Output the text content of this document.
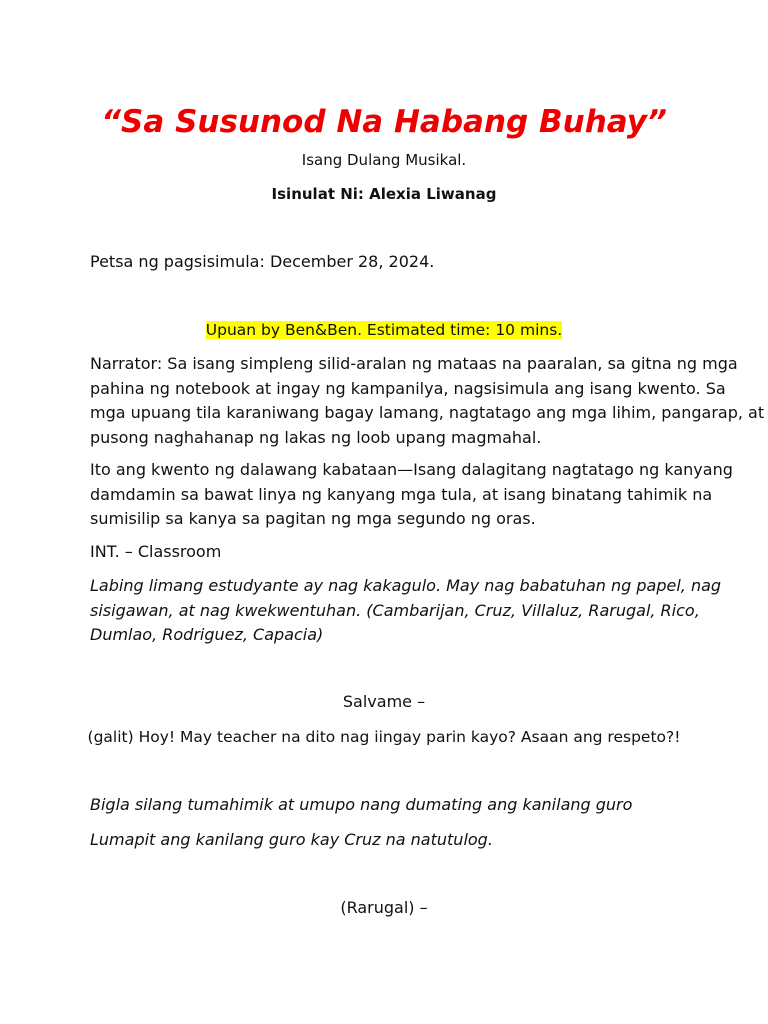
“Sa Susunod Na Habang Buhay”

Isang Dulang Musikal.

Isinulat Ni: Alexia Liwanag

Petsa ng pagsisimula: December 28, 2024.

Upuan by Ben&Ben. Estimated time: 10 mins.

Narrator: Sa isang simpleng silid-aralan ng mataas na paaralan, sa gitna ng mga
pahina ng notebook at ingay ng kampanilya, nagsisimula ang isang kwento. Sa
mga upuang tila karaniwang bagay lamang, nagtatago ang mga lihim, pangarap, at
pusong naghahanap ng lakas ng loob upang magmahal.
Ito ang kwento ng dalawang kabataan—Isang dalagitang nagtatago ng kanyang
damdamin sa bawat linya ng kanyang mga tula, at isang binatang tahimik na
sumisilip sa kanya sa pagitan ng mga segundo ng oras.

INT. – Classroom

Labing limang estudyante ay nag kakagulo. May nag babatuhan ng papel, nag
sisigawan, at nag kwekwentuhan. (Cambarijan, Cruz, Villaluz, Rarugal, Rico,
Dumlao, Rodriguez, Capacia)

Salvame –

(galit) Hoy! May teacher na dito nag iingay parin kayo? Asaan ang respeto?!

Bigla silang tumahimik at umupo nang dumating ang kanilang guro

Lumapit ang kanilang guro kay Cruz na natutulog.

(Rarugal) –
